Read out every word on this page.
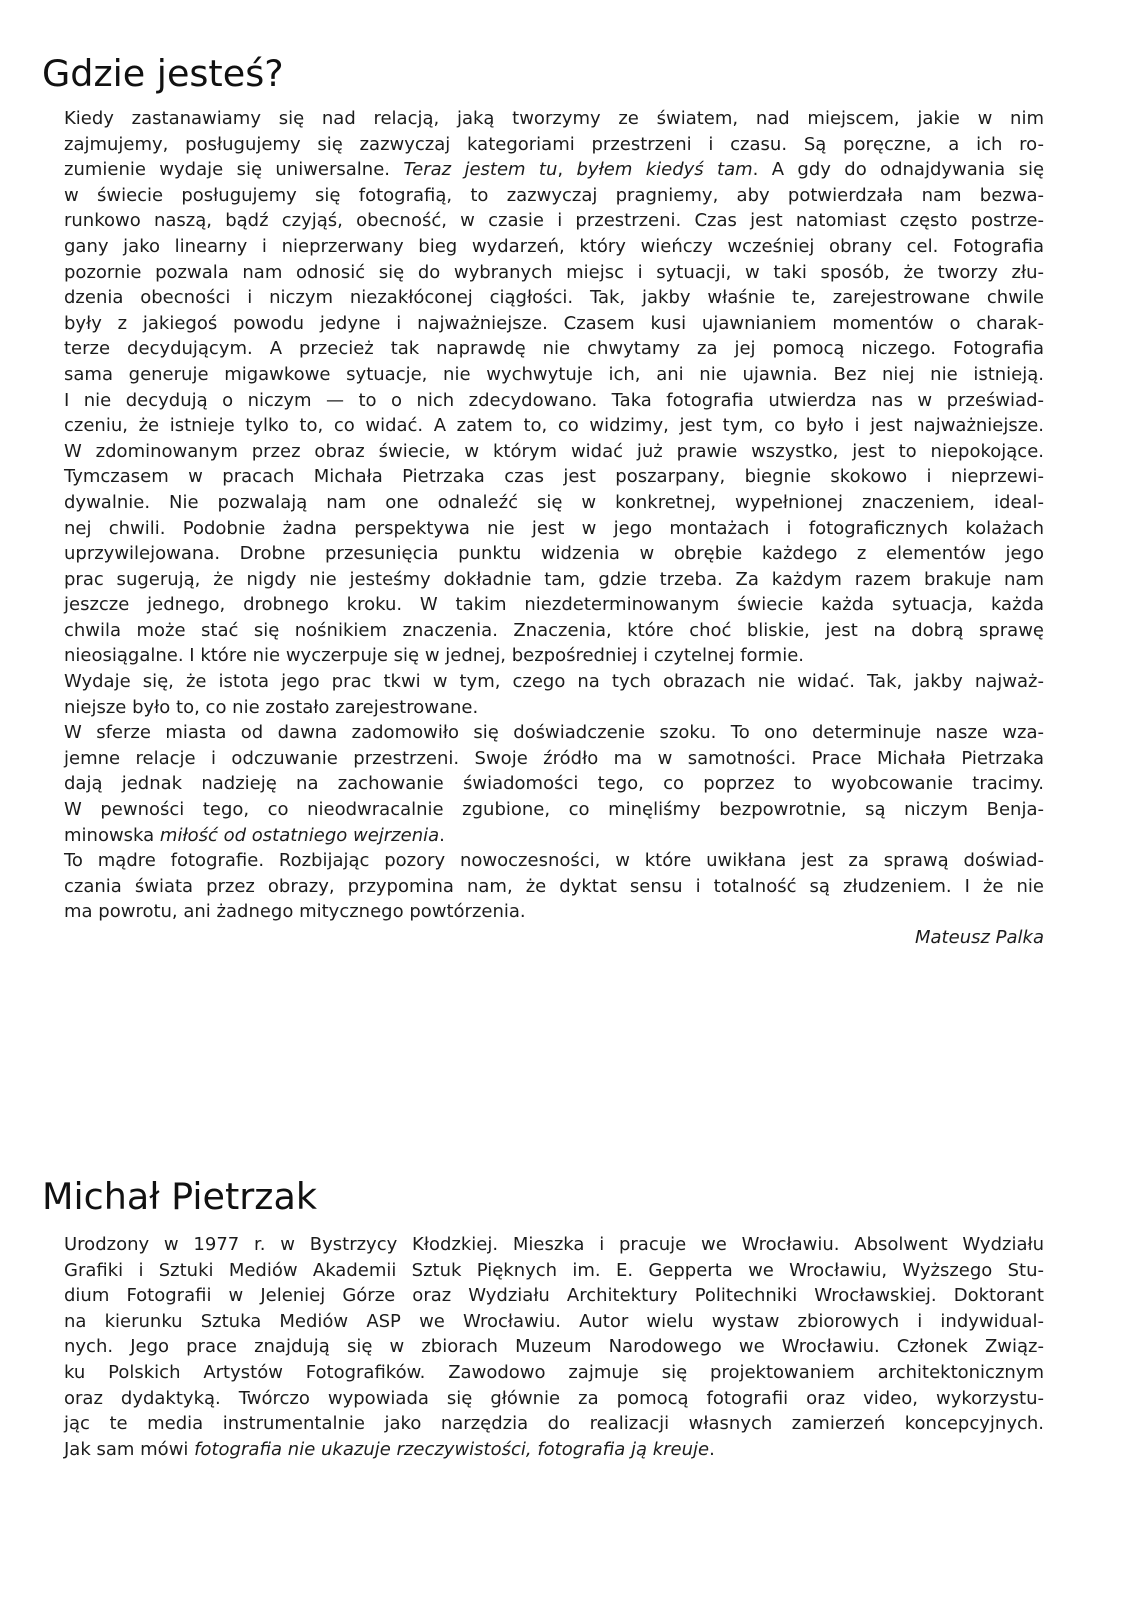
Gdzie jesteś?
Kiedy zastanawiamy się nad relacją, jaką tworzymy ze światem, nad miejscem, jakie w nim
zajmujemy, posługujemy się zazwyczaj kategoriami przestrzeni i czasu. Są poręczne, a ich ro-
zumienie wydaje się uniwersalne. Teraz jestem tu, byłem kiedyś tam. A gdy do odnajdywania się
w świecie posługujemy się fotografią, to zazwyczaj pragniemy, aby potwierdzała nam bezwa-
runkowo naszą, bądź czyjąś, obecność, w czasie i przestrzeni. Czas jest natomiast często postrze-
gany jako linearny i nieprzerwany bieg wydarzeń, który wieńczy wcześniej obrany cel. Fotografia
pozornie pozwala nam odnosić się do wybranych miejsc i sytuacji, w taki sposób, że tworzy złu-
dzenia obecności i niczym niezakłóconej ciągłości. Tak, jakby właśnie te, zarejestrowane chwile
były z jakiegoś powodu jedyne i najważniejsze. Czasem kusi ujawnianiem momentów o charak-
terze decydującym. A przecież tak naprawdę nie chwytamy za jej pomocą niczego. Fotografia
sama generuje migawkowe sytuacje, nie wychwytuje ich, ani nie ujawnia. Bez niej nie istnieją.
I nie decydują o niczym — to o nich zdecydowano. Taka fotografia utwierdza nas w przeświad-
czeniu, że istnieje tylko to, co widać. A zatem to, co widzimy, jest tym, co było i jest najważniejsze.
W zdominowanym przez obraz świecie, w którym widać już prawie wszystko, jest to niepokojące.
Tymczasem w pracach Michała Pietrzaka czas jest poszarpany, biegnie skokowo i nieprzewi-
dywalnie. Nie pozwalają nam one odnaleźć się w konkretnej, wypełnionej znaczeniem, ideal-
nej chwili. Podobnie żadna perspektywa nie jest w jego montażach i fotograficznych kolażach
uprzywilejowana. Drobne przesunięcia punktu widzenia w obrębie każdego z elementów jego
prac sugerują, że nigdy nie jesteśmy dokładnie tam, gdzie trzeba. Za każdym razem brakuje nam
jeszcze jednego, drobnego kroku. W takim niezdeterminowanym świecie każda sytuacja, każda
chwila może stać się nośnikiem znaczenia. Znaczenia, które choć bliskie, jest na dobrą sprawę
nieosiągalne. I które nie wyczerpuje się w jednej, bezpośredniej i czytelnej formie.
Wydaje się, że istota jego prac tkwi w tym, czego na tych obrazach nie widać. Tak, jakby najważ-
niejsze było to, co nie zostało zarejestrowane.
W sferze miasta od dawna zadomowiło się doświadczenie szoku. To ono determinuje nasze wza-
jemne relacje i odczuwanie przestrzeni. Swoje źródło ma w samotności. Prace Michała Pietrzaka
dają jednak nadzieję na zachowanie świadomości tego, co poprzez to wyobcowanie tracimy.
W pewności tego, co nieodwracalnie zgubione, co minęliśmy bezpowrotnie, są niczym Benja-
minowska miłość od ostatniego wejrzenia.
To mądre fotografie. Rozbijając pozory nowoczesności, w które uwikłana jest za sprawą doświad-
czania świata przez obrazy, przypomina nam, że dyktat sensu i totalność są złudzeniem. I że nie
ma powrotu, ani żadnego mitycznego powtórzenia.
Mateusz Palka
Michał Pietrzak
Urodzony w 1977 r. w Bystrzycy Kłodzkiej. Mieszka i pracuje we Wrocławiu. Absolwent Wydziału
Grafiki i Sztuki Mediów Akademii Sztuk Pięknych im. E. Gepperta we Wrocławiu, Wyższego Stu-
dium Fotografii w Jeleniej Górze oraz Wydziału Architektury Politechniki Wrocławskiej. Doktorant
na kierunku Sztuka Mediów ASP we Wrocławiu. Autor wielu wystaw zbiorowych i indywidual-
nych. Jego prace znajdują się w zbiorach Muzeum Narodowego we Wrocławiu. Członek Związ-
ku Polskich Artystów Fotografików. Zawodowo zajmuje się projektowaniem architektonicznym
oraz dydaktyką. Twórczo wypowiada się głównie za pomocą fotografii oraz video, wykorzystu-
jąc te media instrumentalnie jako narzędzia do realizacji własnych zamierzeń koncepcyjnych.
Jak sam mówi fotografia nie ukazuje rzeczywistości, fotografia ją kreuje.
